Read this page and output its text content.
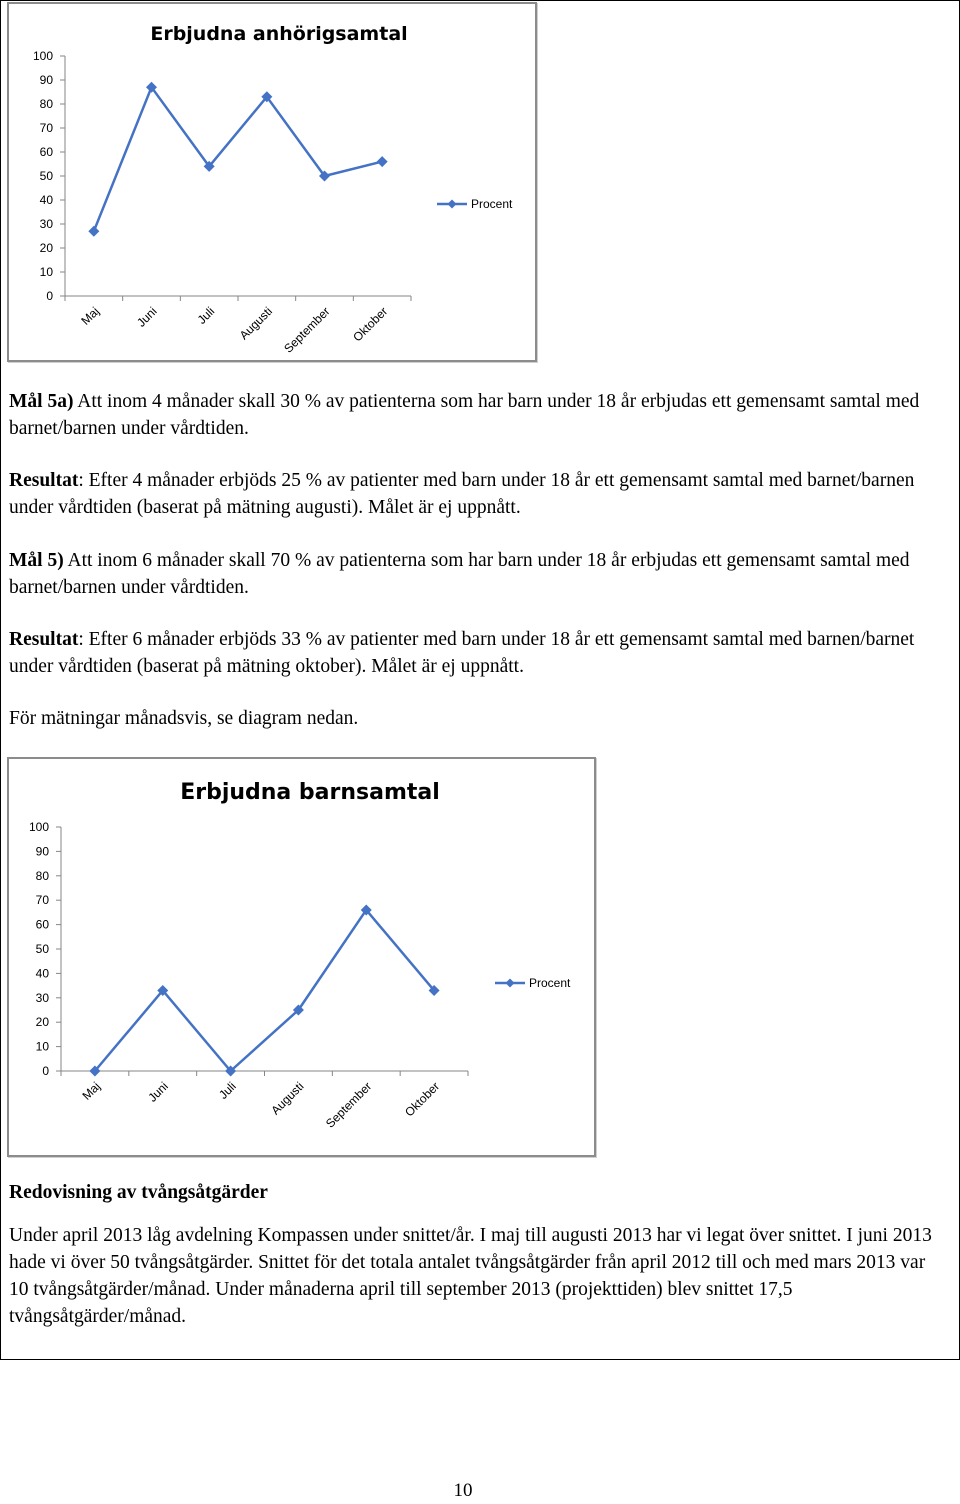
Erbjudna anhörigsamtal
100
90
80
70
60
50
40
30
20
10
0
Maj	Juni	Juli Augusti September Oktober
Procent

Mål 5a) Att inom 4 månader skall 30 % av patienterna som har barn under 18 år erbjudas ett gemensamt samtal med barnet/barnen under vårdtiden.

Resultat: Efter 4 månader erbjöds 25 % av patienter med barn under 18 år ett gemensamt samtal med barnet/barnen under vårdtiden (baserat på mätning augusti). Målet är ej uppnått.

Mål 5) Att inom 6 månader skall 70 % av patienterna som har barn under 18 år erbjudas ett gemensamt samtal med barnet/barnen under vårdtiden.

Resultat: Efter 6 månader erbjöds 33 % av patienter med barn under 18 år ett gemensamt samtal med barnen/barnet under vårdtiden (baserat på mätning oktober). Målet är ej uppnått.

För mätningar månadsvis, se diagram nedan.

Erbjudna barnsamtal
100
90
80
70
60
50
40
30
20
10
0
Maj	Juni	Juli Augusti September Oktober
Procent

Redovisning av tvångsåtgärder

Under april 2013 låg avdelning Kompassen under snittet/år. I maj till augusti 2013 har vi legat över snittet. I juni 2013 hade vi över 50 tvångsåtgärder. Snittet för det totala antalet tvångsåtgärder från april 2012 till och med mars 2013 var 10 tvångsåtgärder/månad. Under månaderna april till september 2013 (projekttiden) blev snittet 17,5 tvångsåtgärder/månad.

10
